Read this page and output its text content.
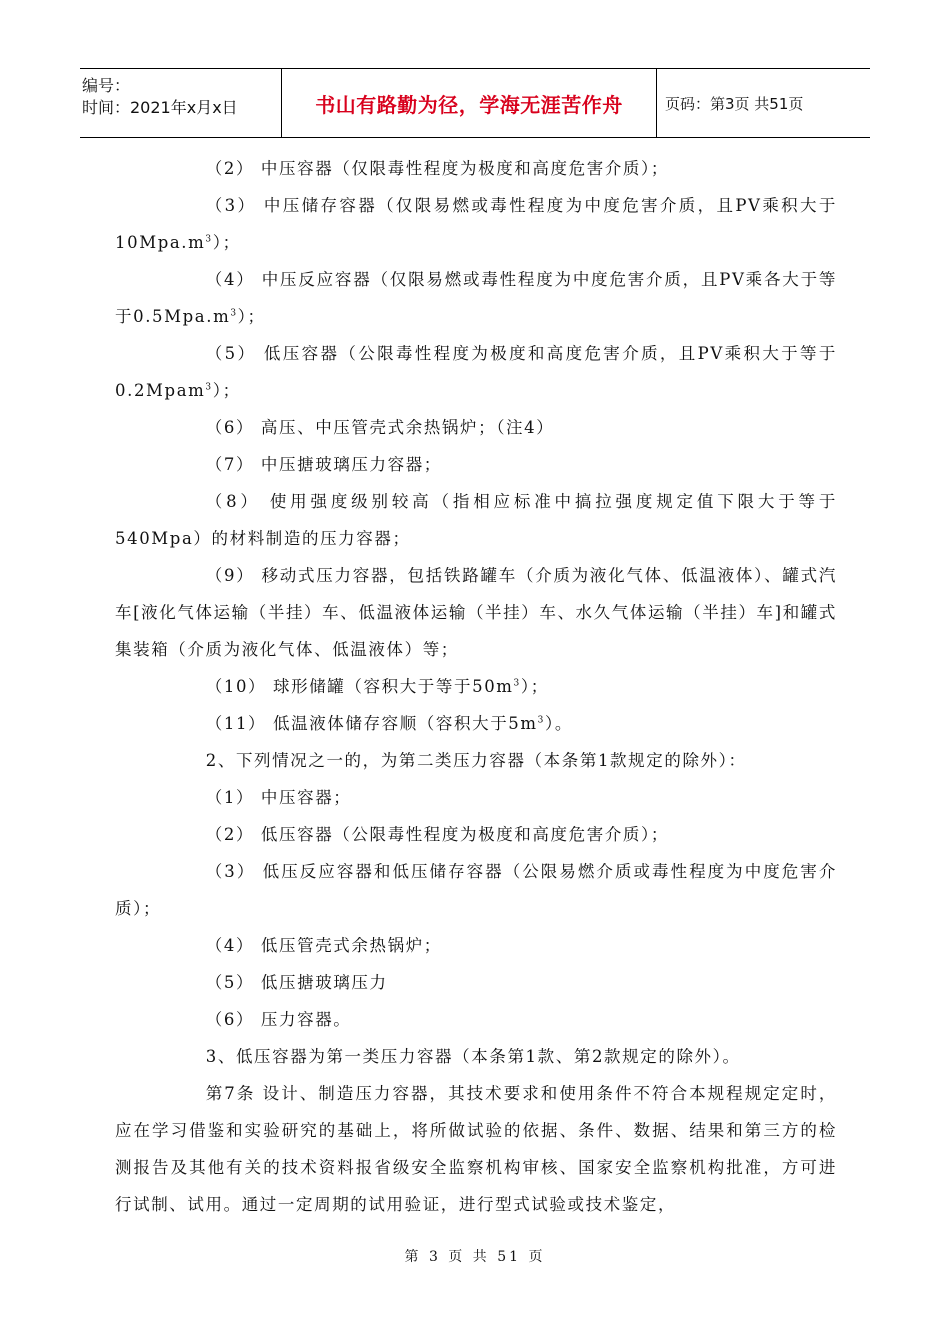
编号：
时间：2021年x月x日	书山有路勤为径，学海无涯苦作舟	页码：第3页 共51页

（2） 中压容器（仅限毒性程度为极度和高度危害介质）；

（3） 中压储存容器（仅限易燃或毒性程度为中度危害介质，且PV乘积大于$10Mpa.m^3$）；

（4） 中压反应容器（仅限易燃或毒性程度为中度危害介质，且PV乘各大于等于$0.5Mpa.m^3$）；

（5） 低压容器（公限毒性程度为极度和高度危害介质，且PV乘积大于等于0.2Mpam$^3$）；

（6） 高压、中压管壳式余热锅炉；（注4）

（7） 中压搪玻璃压力容器；

（8） 使用强度级别较高（指相应标准中搞拉强度规定值下限大于等于540Mpa）的材料制造的压力容器；

（9） 移动式压力容器，包括铁路罐车（介质为液化气体、低温液体）、罐式汽车[液化气体运输（半挂）车、低温液体运输（半挂）车、水久气体运输（半挂）车]和罐式集装箱（介质为液化气体、低温液体）等；

（10） 球形储罐（容积大于等于$50m^3$）；

（11） 低温液体储存容顺（容积大于$5m^3$）。

2、下列情况之一的，为第二类压力容器（本条第1款规定的除外）：

（1） 中压容器；

（2） 低压容器（公限毒性程度为极度和高度危害介质）；

（3） 低压反应容器和低压储存容器（公限易燃介质或毒性程度为中度危害介质）；

（4） 低压管壳式余热锅炉；

（5） 低压搪玻璃压力

（6） 压力容器。

3、低压容器为第一类压力容器（本条第1款、第2款规定的除外）。

第7条 设计、制造压力容器，其技术要求和使用条件不符合本规程规定定时，应在学习借鉴和实验研究的基础上，将所做试验的依据、条件、数据、结果和第三方的检测报告及其他有关的技术资料报省级安全监察机构审核、国家安全监察机构批准，方可进行试制、试用。通过一定周期的试用验证，进行型式试验或技术鉴定，

第 3 页 共 51 页
